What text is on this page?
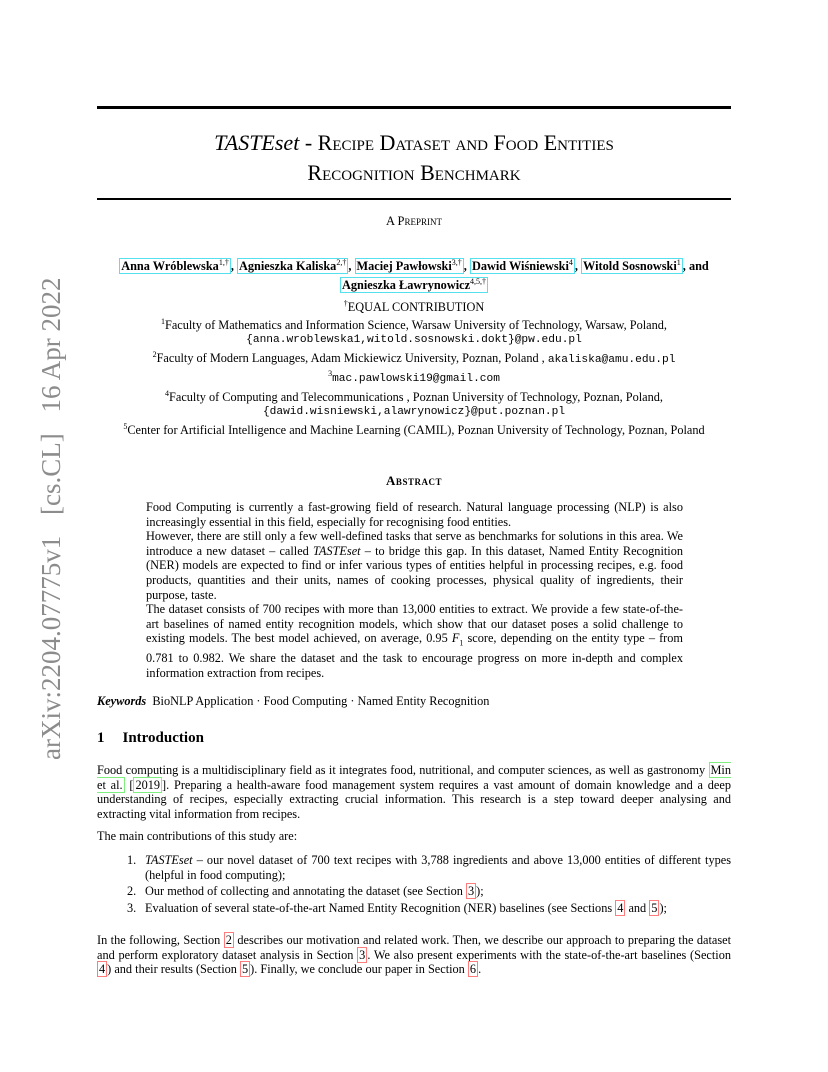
arXiv:2204.07775v1 [cs.CL] 16 Apr 2022
TASTEset - Recipe Dataset and Food Entities
Recognition Benchmark
A Preprint
Anna Wróblewska$^{1,\dagger}$ , Agnieszka Kaliska$^{2,\dagger}$ , Maciej Pawłowski$^{3,\dagger}$ , Dawid Wiśniewski$^4$ , Witold Sosnowski$^1$ , and
Agnieszka Ławrynowicz$^{4,5,\dagger}$
†EQUAL CONTRIBUTION
$^1$Faculty of Mathematics and Information Science, Warsaw University of Technology, Warsaw, Poland,
{anna.wroblewska1,witold.sosnowski.dokt}@pw.edu.pl
$^2$Faculty of Modern Languages, Adam Mickiewicz University, Poznan, Poland , akaliska@amu.edu.pl
$^3$mac.pawlowski19@gmail.com
$^4$Faculty of Computing and Telecommunications , Poznan University of Technology, Poznan, Poland,
{dawid.wisniewski,alawrynowicz}@put.poznan.pl
$^5$Center for Artificial Intelligence and Machine Learning (CAMIL), Poznan University of Technology, Poznan, Poland
Abstract

Food Computing is currently a fast-growing field of research. Natural language processing (NLP) is also increasingly essential in this field, especially for recognising food entities.

However, there are still only a few well-defined tasks that serve as benchmarks for solutions in this area. We introduce a new dataset – called TASTEset – to bridge this gap. In this dataset, Named Entity Recognition (NER) models are expected to find or infer various types of entities helpful in processing recipes, e.g. food products, quantities and their units, names of cooking processes, physical quality of ingredients, their purpose, taste.

The dataset consists of 700 recipes with more than 13,000 entities to extract. We provide a few state-of-the-art baselines of named entity recognition models, which show that our dataset poses a solid challenge to existing models. The best model achieved, on average, 0.95 $F_1$ score, depending on the entity type – from 0.781 to 0.982. We share the dataset and the task to encourage progress on more in-depth and complex information extraction from recipes.

Keywords BioNLP Application · Food Computing · Named Entity Recognition
1 Introduction
Food computing is a multidisciplinary field as it integrates food, nutritional, and computer sciences, as well as gastronomy Min et al. [ 2019 ]. Preparing a health-aware food management system requires a vast amount of domain knowledge and a deep understanding of recipes, especially extracting crucial information. This research is a step toward deeper analysing and extracting vital information from recipes.
The main contributions of this study are:
1. TASTEset – our novel dataset of 700 text recipes with 3,788 ingredients and above 13,000 entities of different types (helpful in food computing);
2. Our method of collecting and annotating the dataset (see Section 3 );
3. Evaluation of several state-of-the-art Named Entity Recognition (NER) baselines (see Sections 4 and 5 );
In the following, Section 2 describes our motivation and related work. Then, we describe our approach to preparing the dataset and perform exploratory dataset analysis in Section 3 . We also present experiments with the state-of-the-art baselines (Section 4 ) and their results (Section 5 ). Finally, we conclude our paper in Section 6 .
